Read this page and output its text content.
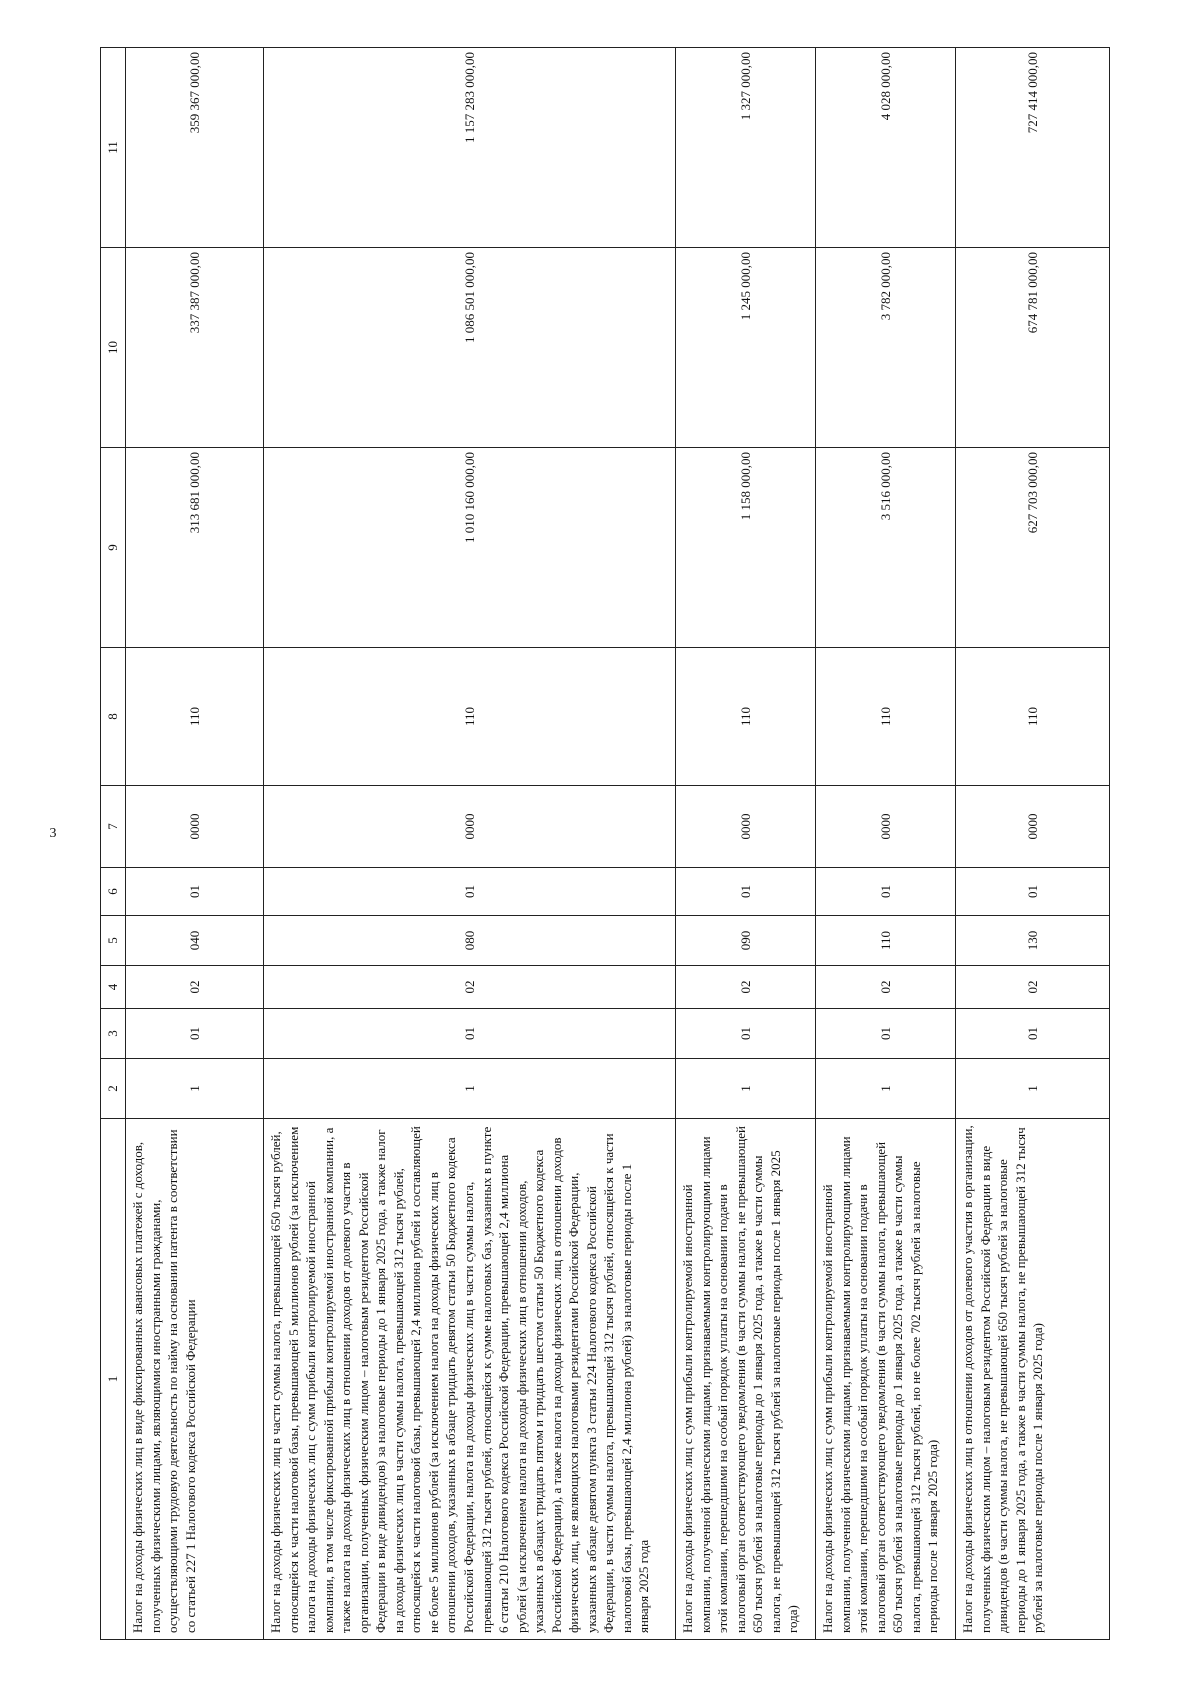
3
1	2	3	4	5	6	7	8	9	10	11
Налог на доходы физических лиц в виде фиксированных авансовых платежей с доходов, полученных физическими лицами, являющимися иностранными гражданами, осуществляющими трудовую деятельность по найму на основании патента в соответствии со статьей 227 1 Налогового кодекса Российской Федерации	1	01	02	040	01	0000	110	313 681 000,00	337 387 000,00	359 367 000,00
Налог на доходы физических лиц в части суммы налога, превышающей 650 тысяч рублей, относящейся к части налоговой базы, превышающей 5 миллионов рублей (за исключением налога на доходы физических лиц с сумм прибыли контролируемой иностранной компании, в том числе фиксированной прибыли контролируемой иностранной компании, а также налога на доходы физических лиц в отношении доходов от долевого участия в организации, полученных физическим лицом – налоговым резидентом Российской Федерации в виде дивидендов) за налоговые периоды до 1 января 2025 года, а также налог на доходы физических лиц в части суммы налога, превышающей 312 тысяч рублей, относящейся к части налоговой базы, превышающей 2,4 миллиона рублей и составляющей не более 5 миллионов рублей (за исключением налога на доходы физических лиц в отношении доходов, указанных в абзаце тридцать девятом статьи 50 Бюджетного кодекса Российской Федерации, налога на доходы физических лиц в части суммы налога, превышающей 312 тысяч рублей, относящейся к сумме налоговых баз, указанных в пункте 6 статьи 210 Налогового кодекса Российской Федерации, превышающей 2,4 миллиона рублей (за исключением налога на доходы физических лиц в отношении доходов, указанных в абзацах тридцать пятом и тридцать шестом статьи 50 Бюджетного кодекса Российской Федерации), а также налога на доходы физических лиц в отношении доходов физических лиц, не являющихся налоговыми резидентами Российской Федерации, указанных в абзаце девятом пункта 3 статьи 224 Налогового кодекса Российской Федерации, в части суммы налога, превышающей 312 тысяч рублей, относящейся к части налоговой базы, превышающей 2,4 миллиона рублей) за налоговые периоды после 1 января 2025 года	1	01	02	080	01	0000	110	1 010 160 000,00	1 086 501 000,00	1 157 283 000,00
Налог на доходы физических лиц с сумм прибыли контролируемой иностранной компании, полученной физическими лицами, признаваемыми контролирующими лицами этой компании, перешедшими на особый порядок уплаты на основании подачи в налоговый орган соответствующего уведомления (в части суммы налога, не превышающей 650 тысяч рублей за налоговые периоды до 1 января 2025 года, а также в части суммы налога, не превышающей 312 тысяч рублей за налоговые периоды после 1 января 2025 года)	1	01	02	090	01	0000	110	1 158 000,00	1 245 000,00	1 327 000,00
Налог на доходы физических лиц с сумм прибыли контролируемой иностранной компании, полученной физическими лицами, признаваемыми контролирующими лицами этой компании, перешедшими на особый порядок уплаты на основании подачи в налоговый орган соответствующего уведомления (в части суммы налога, превышающей 650 тысяч рублей за налоговые периоды до 1 января 2025 года, а также в части суммы налога, превышающей 312 тысяч рублей, но не более 702 тысяч рублей за налоговые периоды после 1 января 2025 года)	1	01	02	110	01	0000	110	3 516 000,00	3 782 000,00	4 028 000,00
Налог на доходы физических лиц в отношении доходов от долевого участия в организации, полученных физическим лицом – налоговым резидентом Российской Федерации в виде дивидендов (в части суммы налога, не превышающей 650 тысяч рублей за налоговые периоды до 1 января 2025 года, а также в части суммы налога, не превышающей 312 тысяч рублей за налоговые периоды после 1 января 2025 года)	1	01	02	130	01	0000	110	627 703 000,00	674 781 000,00	727 414 000,00
